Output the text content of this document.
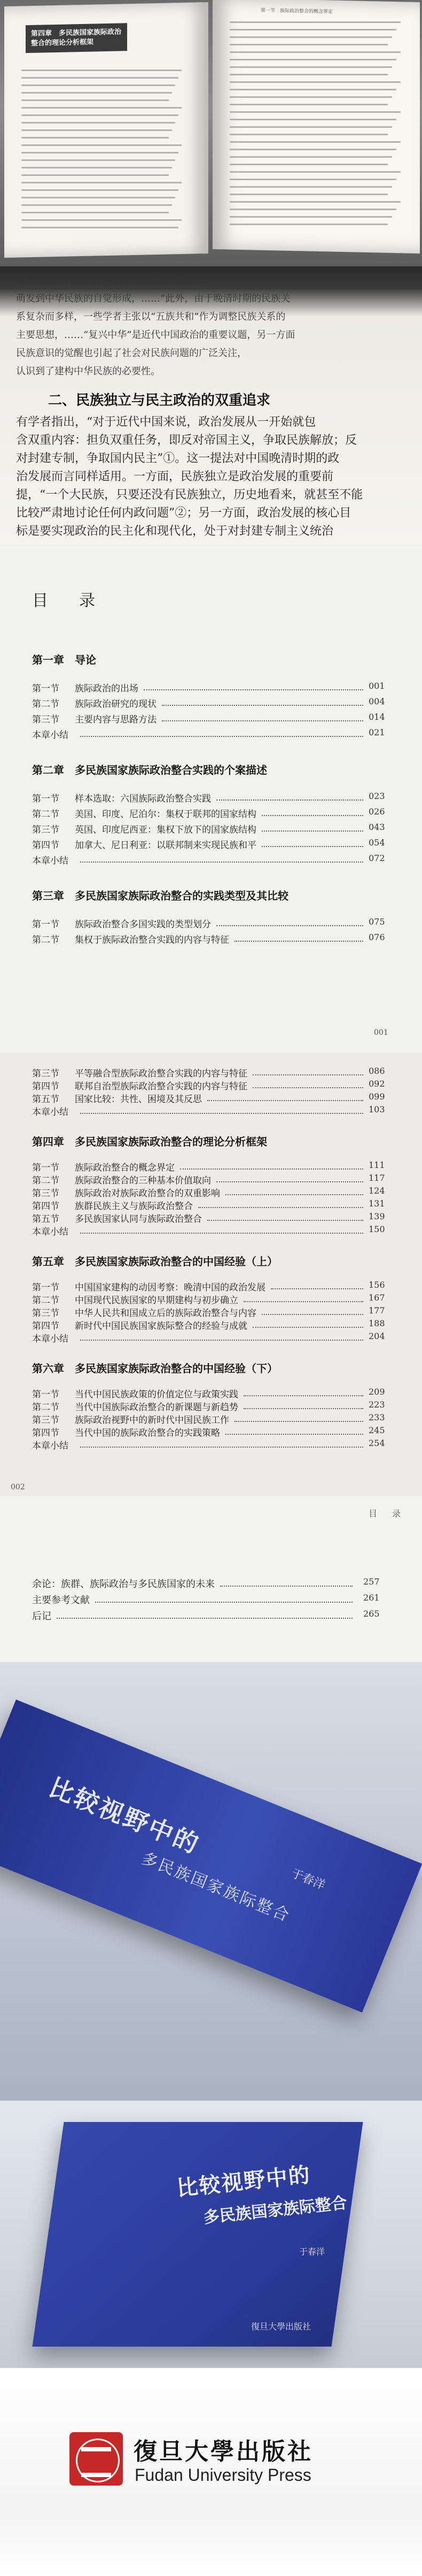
第四章　多民族国家族际政治整合的理论分析框架
第一节　族际政治整合的概念界定
入说“在某种意义上，从中国近代民族意识的
萌发到中华民族的自觉形成，……”此外，由于晚清时期的民族关
系复杂而多样，一些学者主张以“五族共和”作为调整民族关系的
主要思想，……“复兴中华”是近代中国政治的重要议题，另一方面
民族意识的觉醒也引起了社会对民族问题的广泛关注，
认识到了建构中华民族的必要性。
二、民族独立与民主政治的双重追求
有学者指出，“对于近代中国来说，政治发展从一开始就包
含双重内容：担负双重任务，即反对帝国主义，争取民族解放；反
对封建专制，争取国内民主”①。这一提法对中国晚清时期的政
治发展而言同样适用。一方面，民族独立是政治发展的重要前
提，“一个大民族，只要还没有民族独立，历史地看来，就甚至不能
比较严肃地讨论任何内政问题”②；另一方面，政治发展的核心目
标是要实现政治的民主化和现代化，处于对封建专制主义统治
目　录
第一章　导论
第一节	族际政治的出场	001
第二节	族际政治研究的现状	004
第三节	主要内容与思路方法	014
本章小结	021
第二章　多民族国家族际政治整合实践的个案描述
第一节	样本选取：六国族际政治整合实践	023
第二节	美国、印度、尼泊尔：集权于联邦的国家结构	026
第三节	英国、印度尼西亚：集权下放下的国家族结构	043
第四节	加拿大、尼日利亚：以联邦制来实现民族和平	054
本章小结	072
第三章　多民族国家族际政治整合的实践类型及其比较
第一节	族际政治整合多国实践的类型划分	075
第二节	集权于族际政治整合实践的内容与特征	076
001
第三节	平等融合型族际政治整合实践的内容与特征	086
第四节	联邦自治型族际政治整合实践的内容与特征	092
第五节	国家比较：共性、困境及其反思	099
本章小结	103
第四章　多民族国家族际政治整合的理论分析框架
第一节	族际政治整合的概念界定	111
第二节	族际政治整合的三种基本价值取向	117
第三节	族际政治对族际政治整合的双重影响	124
第四节	族群民族主义与族际政治整合	131
第五节	多民族国家认同与族际政治整合	139
本章小结	150
第五章　多民族国家族际政治整合的中国经验（上）
第一节	中国国家建构的动因考察：晚清中国的政治发展	156
第二节	中国现代民族国家的早期建构与初步确立	167
第三节	中华人民共和国成立后的族际政治整合与内容	177
第四节	新时代中国民族国家族际整合的经验与成就	188
本章小结	204
第六章　多民族国家族际政治整合的中国经验（下）
第一节	当代中国民族政策的价值定位与政策实践	209
第二节	当代中国族际政治整合的新课题与新趋势	223
第三节	族际政治视野中的新时代中国民族工作	233
第四节	当代中国的族际政治整合的实践策略	245
本章小结	254
002
目　录
余论：族群、族际政治与多民族国家的未来	257
主要参考文献	261
后记	265
比较视野中的
多民族国家族际整合
于春洋
比较视野中的
多民族国家族际整合
于春洋
復旦大學出版社
復旦大學出版社
Fudan University Press
